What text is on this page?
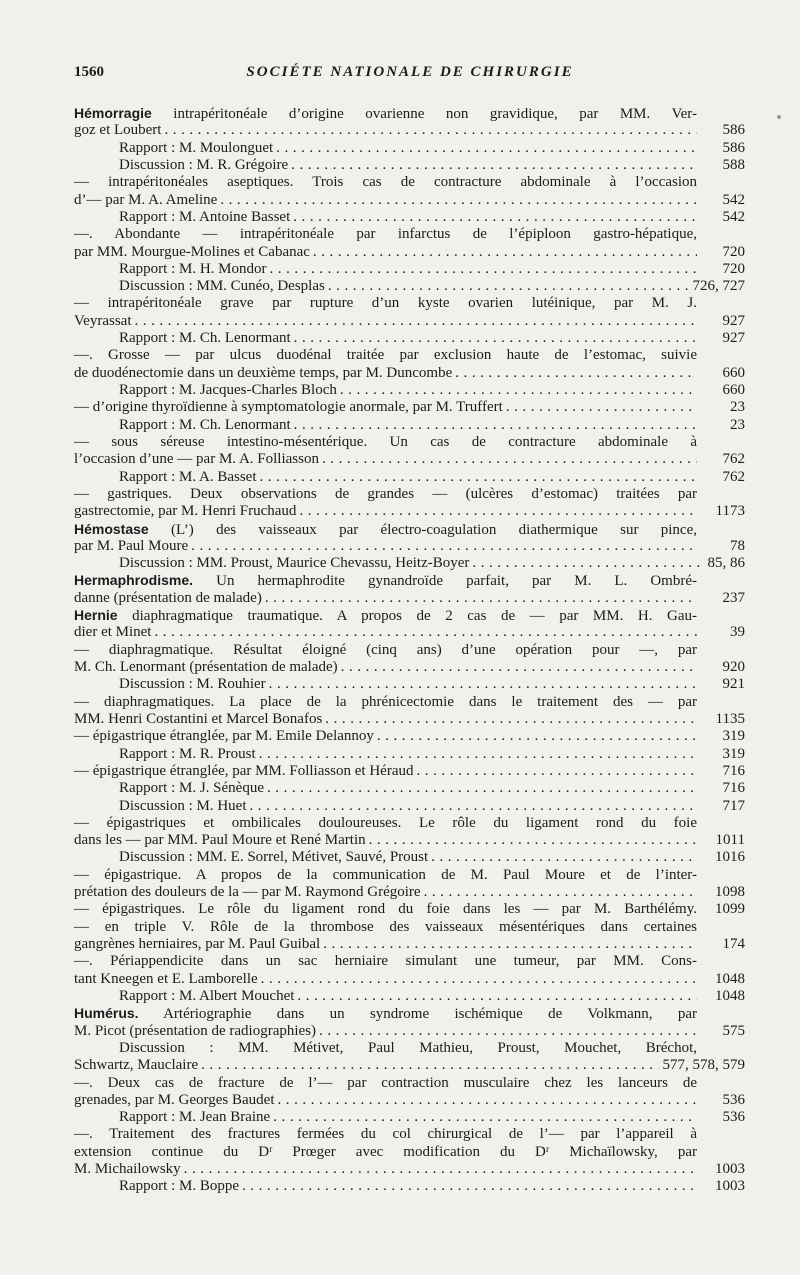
1560	SOCIÉTE NATIONALE DE CHIRURGIE
Hémorragie intrapéritonéale d’origine ovarienne non gravidique, par MM. Ver-
goz et Loubert . . .	586
Rapport : M. Moulonguet . . .	586
Discussion : M. R. Grégoire . . .	588
— intrapéritonéales aseptiques. Trois cas de contracture abdominale à l’occasion
d’— par M. A. Ameline . . .	542
Rapport : M. Antoine Basset . . .	542
—. Abondante — intrapéritonéale par infarctus de l’épiploon gastro-hépatique,
par MM. Mourgue-Molines et Cabanac . . .	720
Rapport : M. H. Mondor . . .	720
Discussion : MM. Cunéo, Desplas . . .	726, 727
— intrapéritonéale grave par rupture d’un kyste ovarien lutéinique, par M. J.
Veyrassat . . .	927
Rapport : M. Ch. Lenormant . . .	927
—. Grosse — par ulcus duodénal traitée par exclusion haute de l’estomac, suivie
de duodénectomie dans un deuxième temps, par M. Duncombe . . .	660
Rapport : M. Jacques-Charles Bloch . . .	660
— d’origine thyroïdienne à symptomatologie anormale, par M. Truffert . . .	23
Rapport : M. Ch. Lenormant . . .	23
— sous séreuse intestino-mésentérique. Un cas de contracture abdominale à
l’occasion d’une — par M. A. Folliasson . . .	762
Rapport : M. A. Basset . . .	762
— gastriques. Deux observations de grandes — (ulcères d’estomac) traitées par
gastrectomie, par M. Henri Fruchaud . . .	1173
Hémostase (L’) des vaisseaux par électro-coagulation diathermique sur pince,
par M. Paul Moure . . .	78
Discussion : MM. Proust, Maurice Chevassu, Heitz-Boyer . . .	85, 86
Hermaphrodisme. Un hermaphrodite gynandroïde parfait, par M. L. Ombré-
danne (présentation de malade) . . .	237
Hernie diaphragmatique traumatique. A propos de 2 cas de — par MM. H. Gau-
dier et Minet . . .	39
— diaphragmatique. Résultat éloigné (cinq ans) d’une opération pour —, par
M. Ch. Lenormant (présentation de malade) . . .	920
Discussion : M. Rouhier . . .	921
— diaphragmatiques. La place de la phrénicectomie dans le traitement des — par
MM. Henri Costantini et Marcel Bonafos . . .	1135
— épigastrique étranglée, par M. Emile Delannoy . . .	319
Rapport : M. R. Proust . . .	319
— épigastrique étranglée, par MM. Folliasson et Héraud . . .	716
Rapport : M. J. Sénèque . . .	716
Discussion : M. Huet . . .	717
— épigastriques et ombilicales douloureuses. Le rôle du ligament rond du foie
dans les — par MM. Paul Moure et René Martin . . .	1011
Discussion : MM. E. Sorrel, Métivet, Sauvé, Proust . . .	1016
— épigastrique. A propos de la communication de M. Paul Moure et de l’inter-
prétation des douleurs de la — par M. Raymond Grégoire . . .	1098
— épigastriques. Le rôle du ligament rond du foie dans les — par M. Barthélémy.	1099
— en triple V. Rôle de la thrombose des vaisseaux mésentériques dans certaines
gangrènes herniaires, par M. Paul Guibal . . .	174
—. Périappendicite dans un sac herniaire simulant une tumeur, par MM. Cons-
tant Kneegen et E. Lamborelle . . .	1048
Rapport : M. Albert Mouchet . . .	1048
Humérus. Artériographie dans un syndrome ischémique de Volkmann, par
M. Picot (présentation de radiographies) . . .	575
Discussion : MM. Métivet, Paul Mathieu, Proust, Mouchet, Bréchot,
Schwartz, Mauclaire . . .	577, 578, 579
—. Deux cas de fracture de l’— par contraction musculaire chez les lanceurs de
grenades, par M. Georges Baudet . . .	536
Rapport : M. Jean Braine . . .	536
—. Traitement des fractures fermées du col chirurgical de l’— par l’appareil à
extension continue du Dʳ Prœger avec modification du Dʳ Michaïlowsky, par
M. Michailowsky . . .	1003
Rapport : M. Boppe . . .	1003
